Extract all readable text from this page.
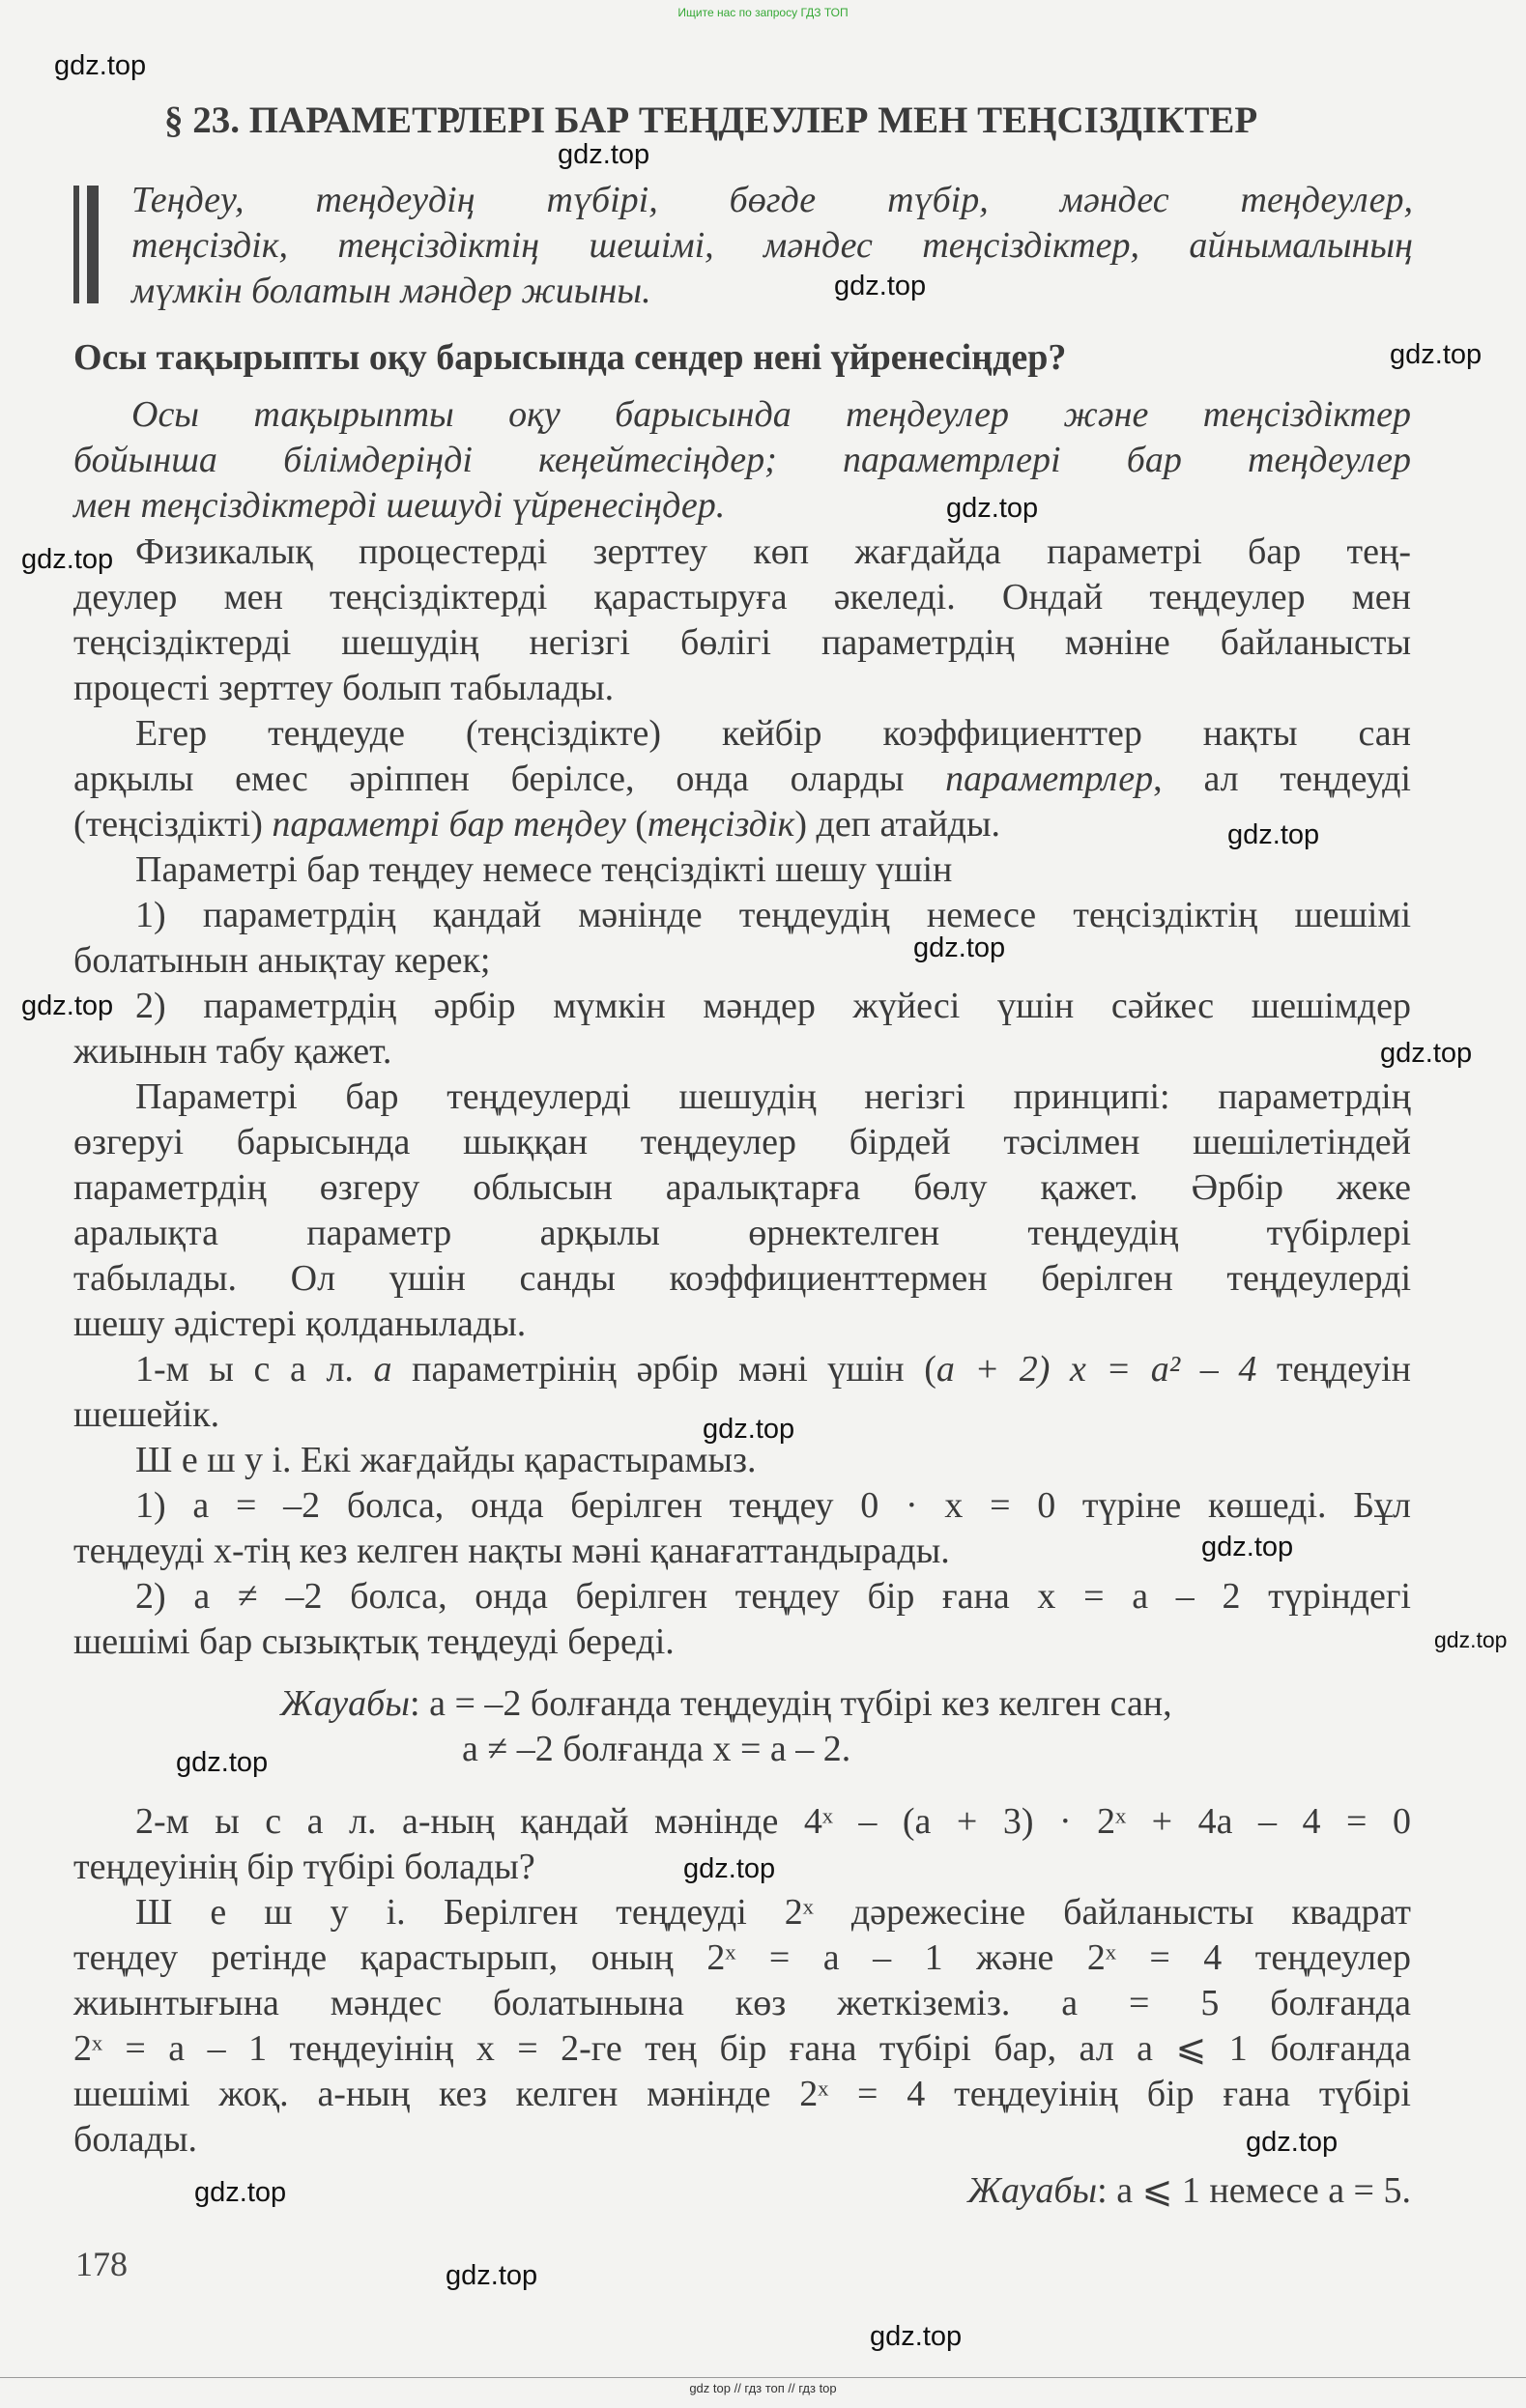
Ищите нас по запросу ГДЗ ТОП
gdz.top
gdz.top
gdz.top
gdz.top
gdz.top
gdz.top
gdz.top
gdz.top
gdz.top
gdz.top
gdz.top
gdz.top
gdz.top
gdz.top
gdz.top
gdz.top
gdz.top
gdz.top
gdz.top
§ 23. ПАРАМЕТРЛЕРІ БАР ТЕҢДЕУЛЕР МЕН ТЕҢСІЗДІКТЕР
Теңдеу, теңдеудің түбірі, бөгде түбір, мәндес теңдеулер,
теңсіздік, теңсіздіктің шешімі, мәндес теңсіздіктер, айнымалының
мүмкін болатын мәндер жиыны.
Осы тақырыпты оқу барысында сендер нені үйренесіңдер?
Осы тақырыпты оқу барысында теңдеулер және теңсіздіктер
бойынша білімдеріңді кеңейтесіңдер; параметрлері бар теңдеулер
мен теңсіздіктерді шешуді үйренесіңдер.
Физикалық процестерді зерттеу көп жағдайда параметрі бар тең-
деулер мен теңсіздіктерді қарастыруға әкеледі. Ондай теңдеулер мен
теңсіздіктерді шешудің негізгі бөлігі параметрдің мәніне байланысты
процесті зерттеу болып табылады.
Егер теңдеуде (теңсіздікте) кейбір коэффициенттер нақты сан
арқылы емес әріппен берілсе, онда оларды параметрлер, ал теңдеуді
(теңсіздікті) параметрі бар теңдеу (теңсіздік) деп атайды.
Параметрі бар теңдеу немесе теңсіздікті шешу үшін
1) параметрдің қандай мәнінде теңдеудің немесе теңсіздіктің шешімі
болатынын анықтау керек;
2) параметрдің әрбір мүмкін мәндер жүйесі үшін сәйкес шешімдер
жиынын табу қажет.
Параметрі бар теңдеулерді шешудің негізгі принципі: параметрдің
өзгеруі барысында шыққан теңдеулер бірдей тәсілмен шешілетіндей
параметрдің өзгеру облысын аралықтарға бөлу қажет. Әрбір жеке
аралықта параметр арқылы өрнектелген теңдеудің түбірлері
табылады. Ол үшін санды коэффициенттермен берілген теңдеулерді
шешу әдістері қолданылады.
1-м ы с а л. a параметрінің әрбір мәні үшін (a + 2) x = a² – 4 теңдеуін
шешейік.
Ш е ш у і. Екі жағдайды қарастырамыз.
1) a = –2 болса, онда берілген теңдеу 0 · x = 0 түріне көшеді. Бұл
теңдеуді x-тің кез келген нақты мәні қанағаттандырады.
2) a ≠ –2 болса, онда берілген теңдеу бір ғана x = a – 2 түріндегі
шешімі бар сызықтық теңдеуді береді.
Жауабы: a = –2 болғанда теңдеудің түбірі кез келген сан,
a ≠ –2 болғанда x = a – 2.
2-м ы с а л. a-ның қандай мәнінде 4ˣ – (a + 3) · 2ˣ + 4a – 4 = 0
теңдеуінің бір түбірі болады?
Ш е ш у і. Берілген теңдеуді 2ˣ дәрежесіне байланысты квадрат
теңдеу ретінде қарастырып, оның 2ˣ = a – 1 және 2ˣ = 4 теңдеулер
жиынтығына мәндес болатынына көз жеткіземіз. a = 5 болғанда
2ˣ = a – 1 теңдеуінің x = 2-ге тең бір ғана түбірі бар, ал a ⩽ 1 болғанда
шешімі жоқ. a-ның кез келген мәнінде 2ˣ = 4 теңдеуінің бір ғана түбірі
болады.
Жауабы: a ⩽ 1 немесе a = 5.
178
gdz top // гдз топ // гдз top
